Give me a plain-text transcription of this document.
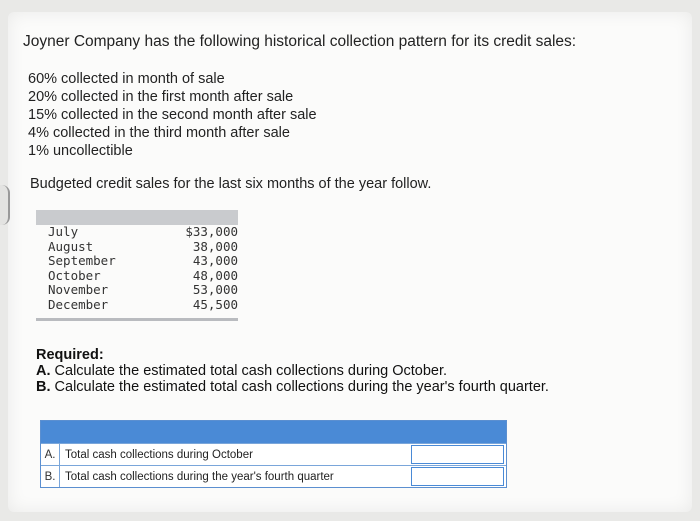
Joyner Company has the following historical collection pattern for its credit sales:
60% collected in month of sale
20% collected in the first month after sale
15% collected in the second month after sale
4% collected in the third month after sale
1% uncollectible
Budgeted credit sales for the last six months of the year follow.
July	$33,000
August	38,000
September	43,000
October	48,000
November	53,000
December	45,500
Required:
A. Calculate the estimated total cash collections during October.
B. Calculate the estimated total cash collections during the year's fourth quarter.
A. Total cash collections during October
B. Total cash collections during the year's fourth quarter
